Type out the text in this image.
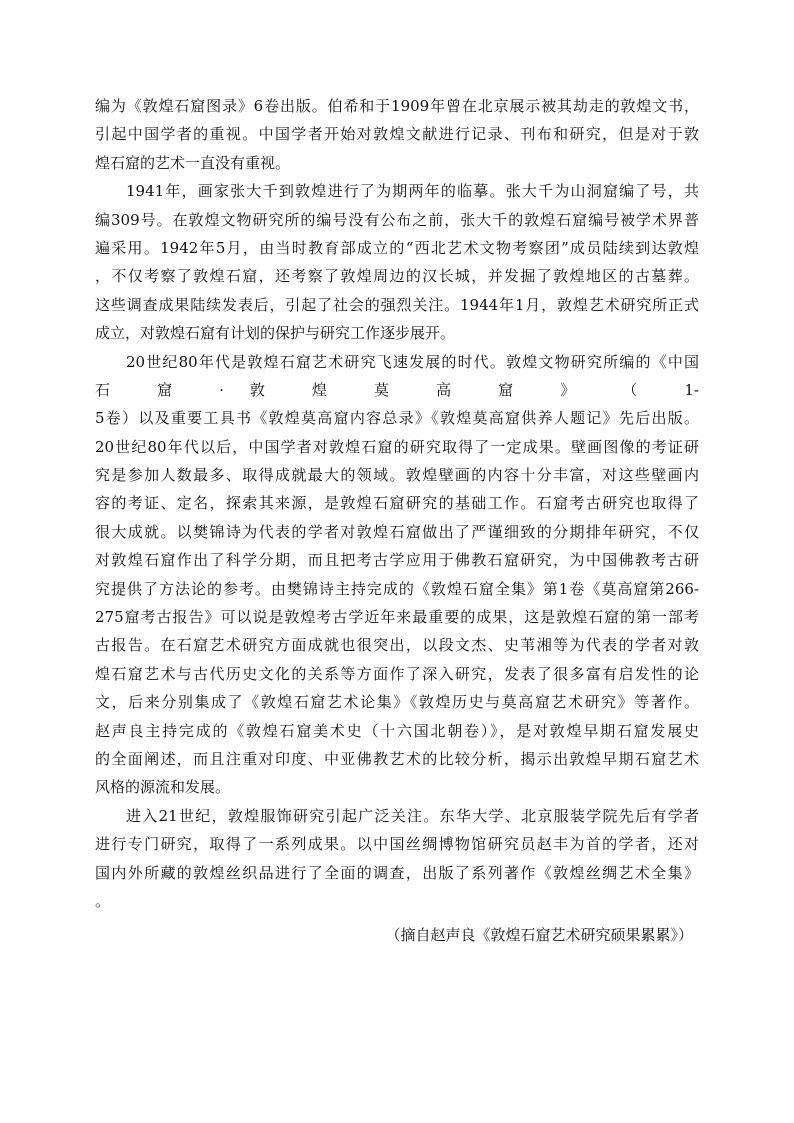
编为《敦煌石窟图录》6卷出版。伯希和于1909年曾在北京展示被其劫走的敦煌文书，

引起中国学者的重视。中国学者开始对敦煌文献进行记录、刊布和研究，但是对于敦

煌石窟的艺术一直没有重视。

1941年，画家张大千到敦煌进行了为期两年的临摹。张大千为山洞窟编了号，共

编309号。在敦煌文物研究所的编号没有公布之前，张大千的敦煌石窟编号被学术界普

遍采用。1942年5月，由当时教育部成立的“西北艺术文物考察团”成员陆续到达敦煌

，不仅考察了敦煌石窟，还考察了敦煌周边的汉长城，并发掘了敦煌地区的古墓葬。

这些调查成果陆续发表后，引起了社会的强烈关注。1944年1月，敦煌艺术研究所正式

成立，对敦煌石窟有计划的保护与研究工作逐步展开。

20世纪80年代是敦煌石窟艺术研究飞速发展的时代。敦煌文物研究所编的《中国

石 窟 · 敦 煌 莫 高 窟 》 （ 1-

5卷）以及重要工具书《敦煌莫高窟内容总录》《敦煌莫高窟供养人题记》先后出版。

20世纪80年代以后，中国学者对敦煌石窟的研究取得了一定成果。壁画图像的考证研

究是参加人数最多、取得成就最大的领域。敦煌壁画的内容十分丰富，对这些壁画内

容的考证、定名，探索其来源，是敦煌石窟研究的基础工作。石窟考古研究也取得了

很大成就。以樊锦诗为代表的学者对敦煌石窟做出了严谨细致的分期排年研究，不仅

对敦煌石窟作出了科学分期，而且把考古学应用于佛教石窟研究，为中国佛教考古研

究提供了方法论的参考。由樊锦诗主持完成的《敦煌石窟全集》第1卷《莫高窟第266-

275窟考古报告》可以说是敦煌考古学近年来最重要的成果，这是敦煌石窟的第一部考

古报告。在石窟艺术研究方面成就也很突出，以段文杰、史苇湘等为代表的学者对敦

煌石窟艺术与古代历史文化的关系等方面作了深入研究，发表了很多富有启发性的论

文，后来分别集成了《敦煌石窟艺术论集》《敦煌历史与莫高窟艺术研究》等著作。

赵声良主持完成的《敦煌石窟美术史（十六国北朝卷）》，是对敦煌早期石窟发展史

的全面阐述，而且注重对印度、中亚佛教艺术的比较分析，揭示出敦煌早期石窟艺术

风格的源流和发展。

进入21世纪，敦煌服饰研究引起广泛关注。东华大学、北京服装学院先后有学者

进行专门研究，取得了一系列成果。以中国丝绸博物馆研究员赵丰为首的学者，还对

国内外所藏的敦煌丝织品进行了全面的调查，出版了系列著作《敦煌丝绸艺术全集》

。

（摘自赵声良《敦煌石窟艺术研究硕果累累》）
